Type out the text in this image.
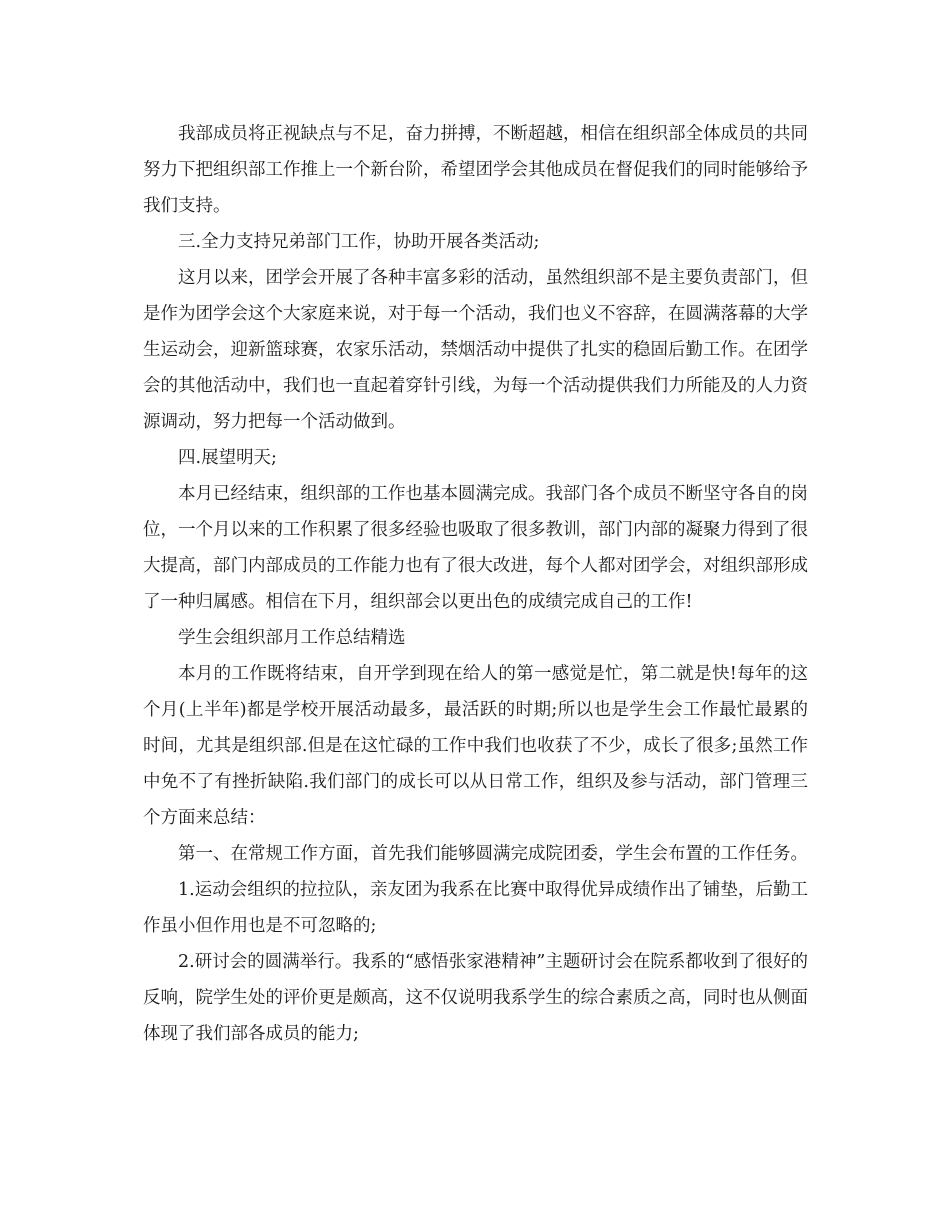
我部成员将正视缺点与不足，奋力拼搏，不断超越，相信在组织部全体成员的共同努力下把组织部工作推上一个新台阶，希望团学会其他成员在督促我们的同时能够给予我们支持。

三.全力支持兄弟部门工作，协助开展各类活动;

这月以来，团学会开展了各种丰富多彩的活动，虽然组织部不是主要负责部门，但是作为团学会这个大家庭来说，对于每一个活动，我们也义不容辞，在圆满落幕的大学生运动会，迎新篮球赛，农家乐活动，禁烟活动中提供了扎实的稳固后勤工作。在团学会的其他活动中，我们也一直起着穿针引线，为每一个活动提供我们力所能及的人力资源调动，努力把每一个活动做到。

四.展望明天;

本月已经结束，组织部的工作也基本圆满完成。我部门各个成员不断坚守各自的岗位，一个月以来的工作积累了很多经验也吸取了很多教训，部门内部的凝聚力得到了很大提高，部门内部成员的工作能力也有了很大改进，每个人都对团学会，对组织部形成了一种归属感。相信在下月，组织部会以更出色的成绩完成自己的工作!

学生会组织部月工作总结精选

本月的工作既将结束，自开学到现在给人的第一感觉是忙，第二就是快!每年的这个月(上半年)都是学校开展活动最多，最活跃的时期;所以也是学生会工作最忙最累的时间，尤其是组织部.但是在这忙碌的工作中我们也收获了不少，成长了很多;虽然工作中免不了有挫折缺陷.我们部门的成长可以从日常工作，组织及参与活动，部门管理三个方面来总结：

第一、在常规工作方面，首先我们能够圆满完成院团委，学生会布置的工作任务。

1.运动会组织的拉拉队，亲友团为我系在比赛中取得优异成绩作出了铺垫，后勤工作虽小但作用也是不可忽略的;

2.研讨会的圆满举行。我系的“感悟张家港精神”主题研讨会在院系都收到了很好的反响，院学生处的评价更是颇高，这不仅说明我系学生的综合素质之高，同时也从侧面体现了我们部各成员的能力;
